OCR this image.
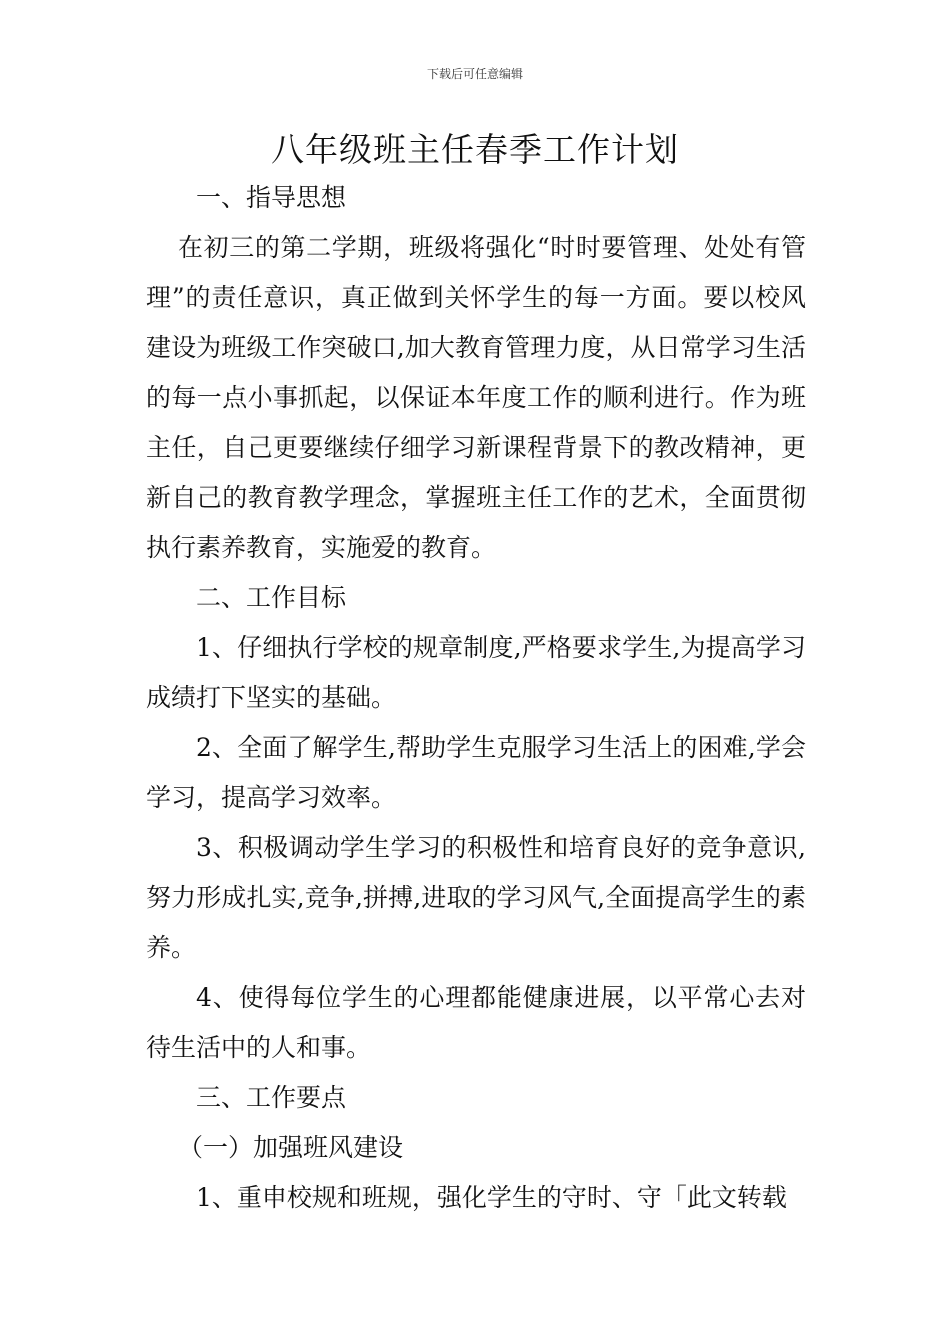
下载后可任意编辑
八年级班主任春季工作计划

一、指导思想

在初三的第二学期，班级将强化“时时要管理、处处有管理”的责任意识，真正做到关怀学生的每一方面。要以校风建设为班级工作突破口,加大教育管理力度，从日常学习生活的每一点小事抓起，以保证本年度工作的顺利进行。作为班主任，自己更要继续仔细学习新课程背景下的教改精神，更新自己的教育教学理念，掌握班主任工作的艺术，全面贯彻执行素养教育，实施爱的教育。

二、工作目标

1、仔细执行学校的规章制度,严格要求学生,为提高学习成绩打下坚实的基础。

2、全面了解学生,帮助学生克服学习生活上的困难,学会学习，提高学习效率。

3、积极调动学生学习的积极性和培育良好的竞争意识,努力形成扎实,竞争,拼搏,进取的学习风气,全面提高学生的素养。

4、使得每位学生的心理都能健康进展，以平常心去对待生活中的人和事。

三、工作要点

（一）加强班风建设

1、重申校规和班规，强化学生的守时、守「此文转载
